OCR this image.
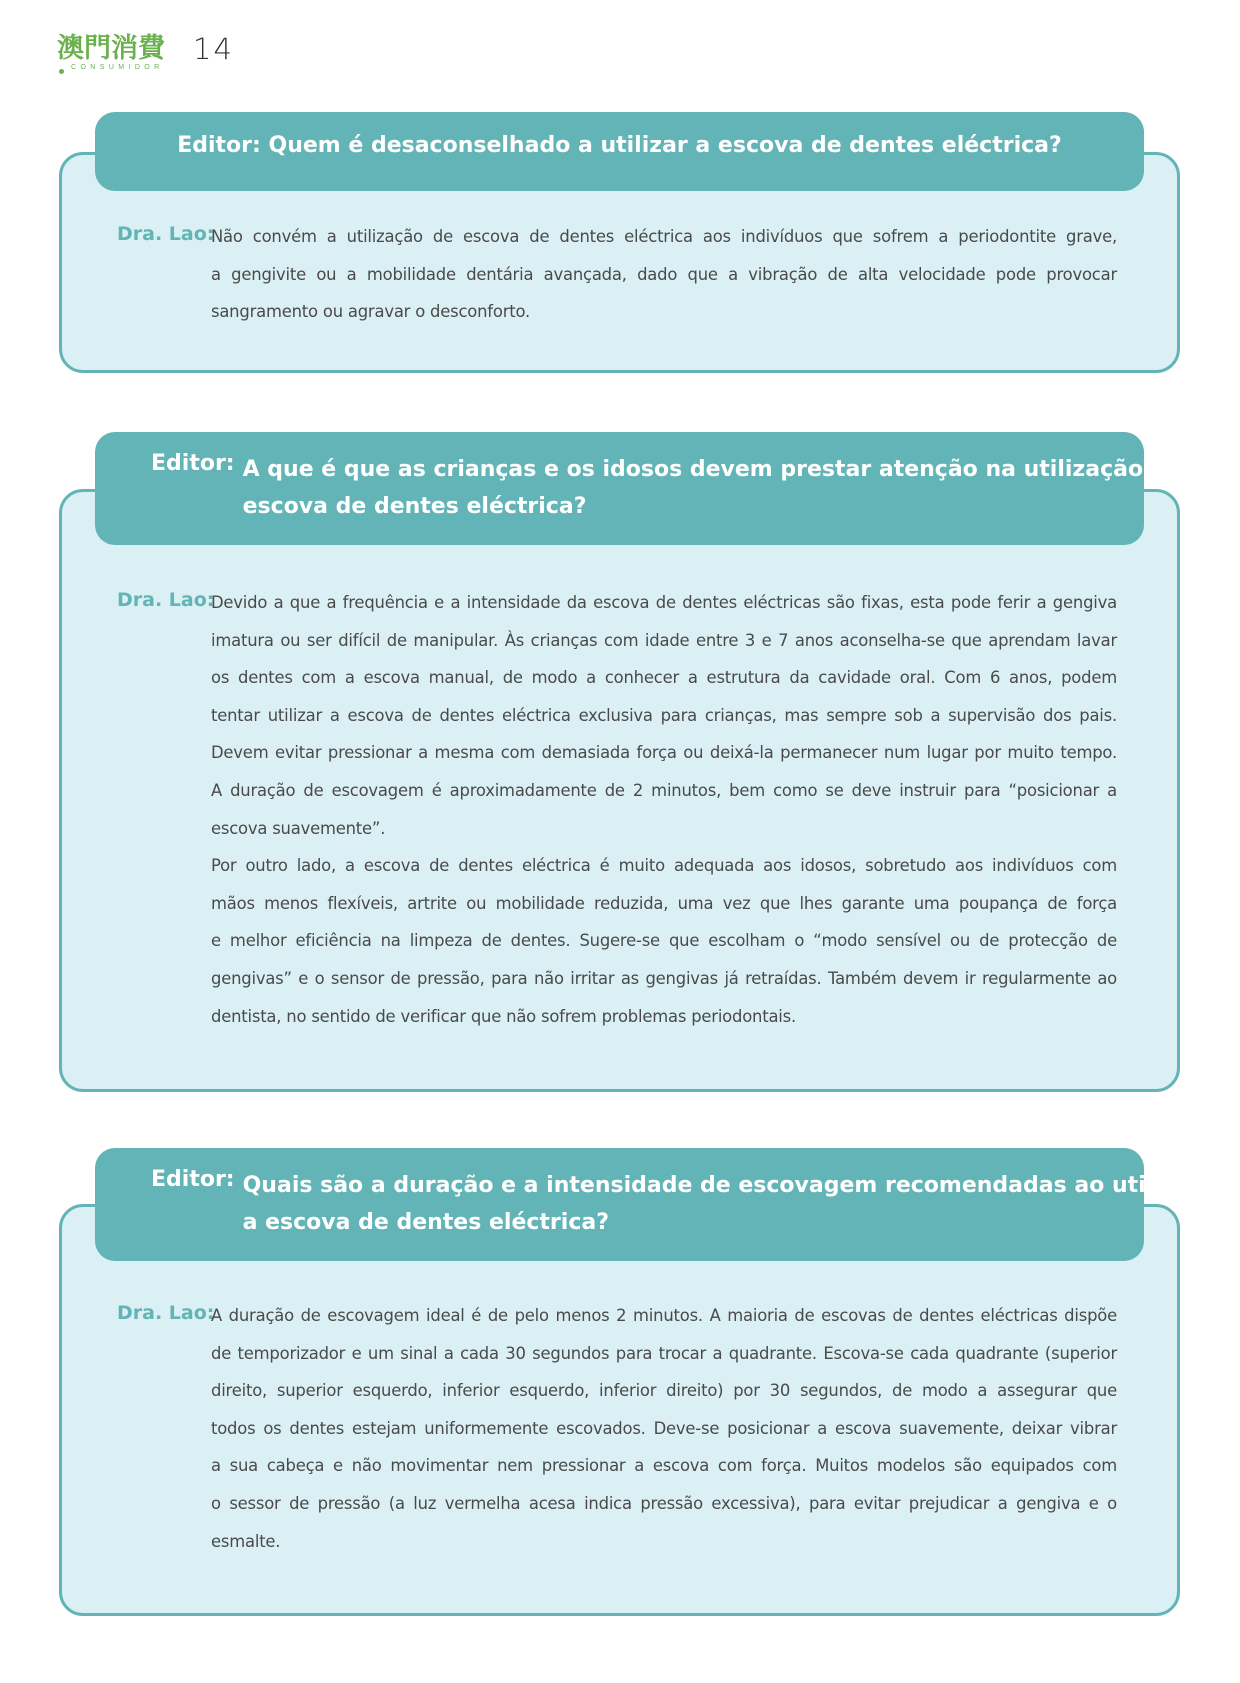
澳門消費
CONSUMIDOR
14
Editor: Quem é desaconselhado a utilizar a escova de dentes eléctrica?
Dra. Lao:
Não convém a utilização de escova de dentes eléctrica aos indivíduos que sofrem a periodontite grave,
a gengivite ou a mobilidade dentária avançada, dado que a vibração de alta velocidade pode provocar
sangramento ou agravar o desconforto.
Editor: A que é que as crianças e os idosos devem prestar atenção na utilização de
escova de dentes eléctrica?
Dra. Lao:
Devido a que a frequência e a intensidade da escova de dentes eléctricas são fixas, esta pode ferir a gengiva
imatura ou ser difícil de manipular. Às crianças com idade entre 3 e 7 anos aconselha-se que aprendam lavar
os dentes com a escova manual, de modo a conhecer a estrutura da cavidade oral. Com 6 anos, podem
tentar utilizar a escova de dentes eléctrica exclusiva para crianças, mas sempre sob a supervisão dos pais.
Devem evitar pressionar a mesma com demasiada força ou deixá-la permanecer num lugar por muito tempo.
A duração de escovagem é aproximadamente de 2 minutos, bem como se deve instruir para “posicionar a
escova suavemente”.
Por outro lado, a escova de dentes eléctrica é muito adequada aos idosos, sobretudo aos indivíduos com
mãos menos flexíveis, artrite ou mobilidade reduzida, uma vez que lhes garante uma poupança de força
e melhor eficiência na limpeza de dentes. Sugere-se que escolham o “modo sensível ou de protecção de
gengivas” e o sensor de pressão, para não irritar as gengivas já retraídas. Também devem ir regularmente ao
dentista, no sentido de verificar que não sofrem problemas periodontais.
Editor: Quais são a duração e a intensidade de escovagem recomendadas ao utilizar
a escova de dentes eléctrica?
Dra. Lao:
A duração de escovagem ideal é de pelo menos 2 minutos. A maioria de escovas de dentes eléctricas dispõe
de temporizador e um sinal a cada 30 segundos para trocar a quadrante. Escova-se cada quadrante (superior
direito, superior esquerdo, inferior esquerdo, inferior direito) por 30 segundos, de modo a assegurar que
todos os dentes estejam uniformemente escovados. Deve-se posicionar a escova suavemente, deixar vibrar
a sua cabeça e não movimentar nem pressionar a escova com força. Muitos modelos são equipados com
o sessor de pressão (a luz vermelha acesa indica pressão excessiva), para evitar prejudicar a gengiva e o
esmalte.
